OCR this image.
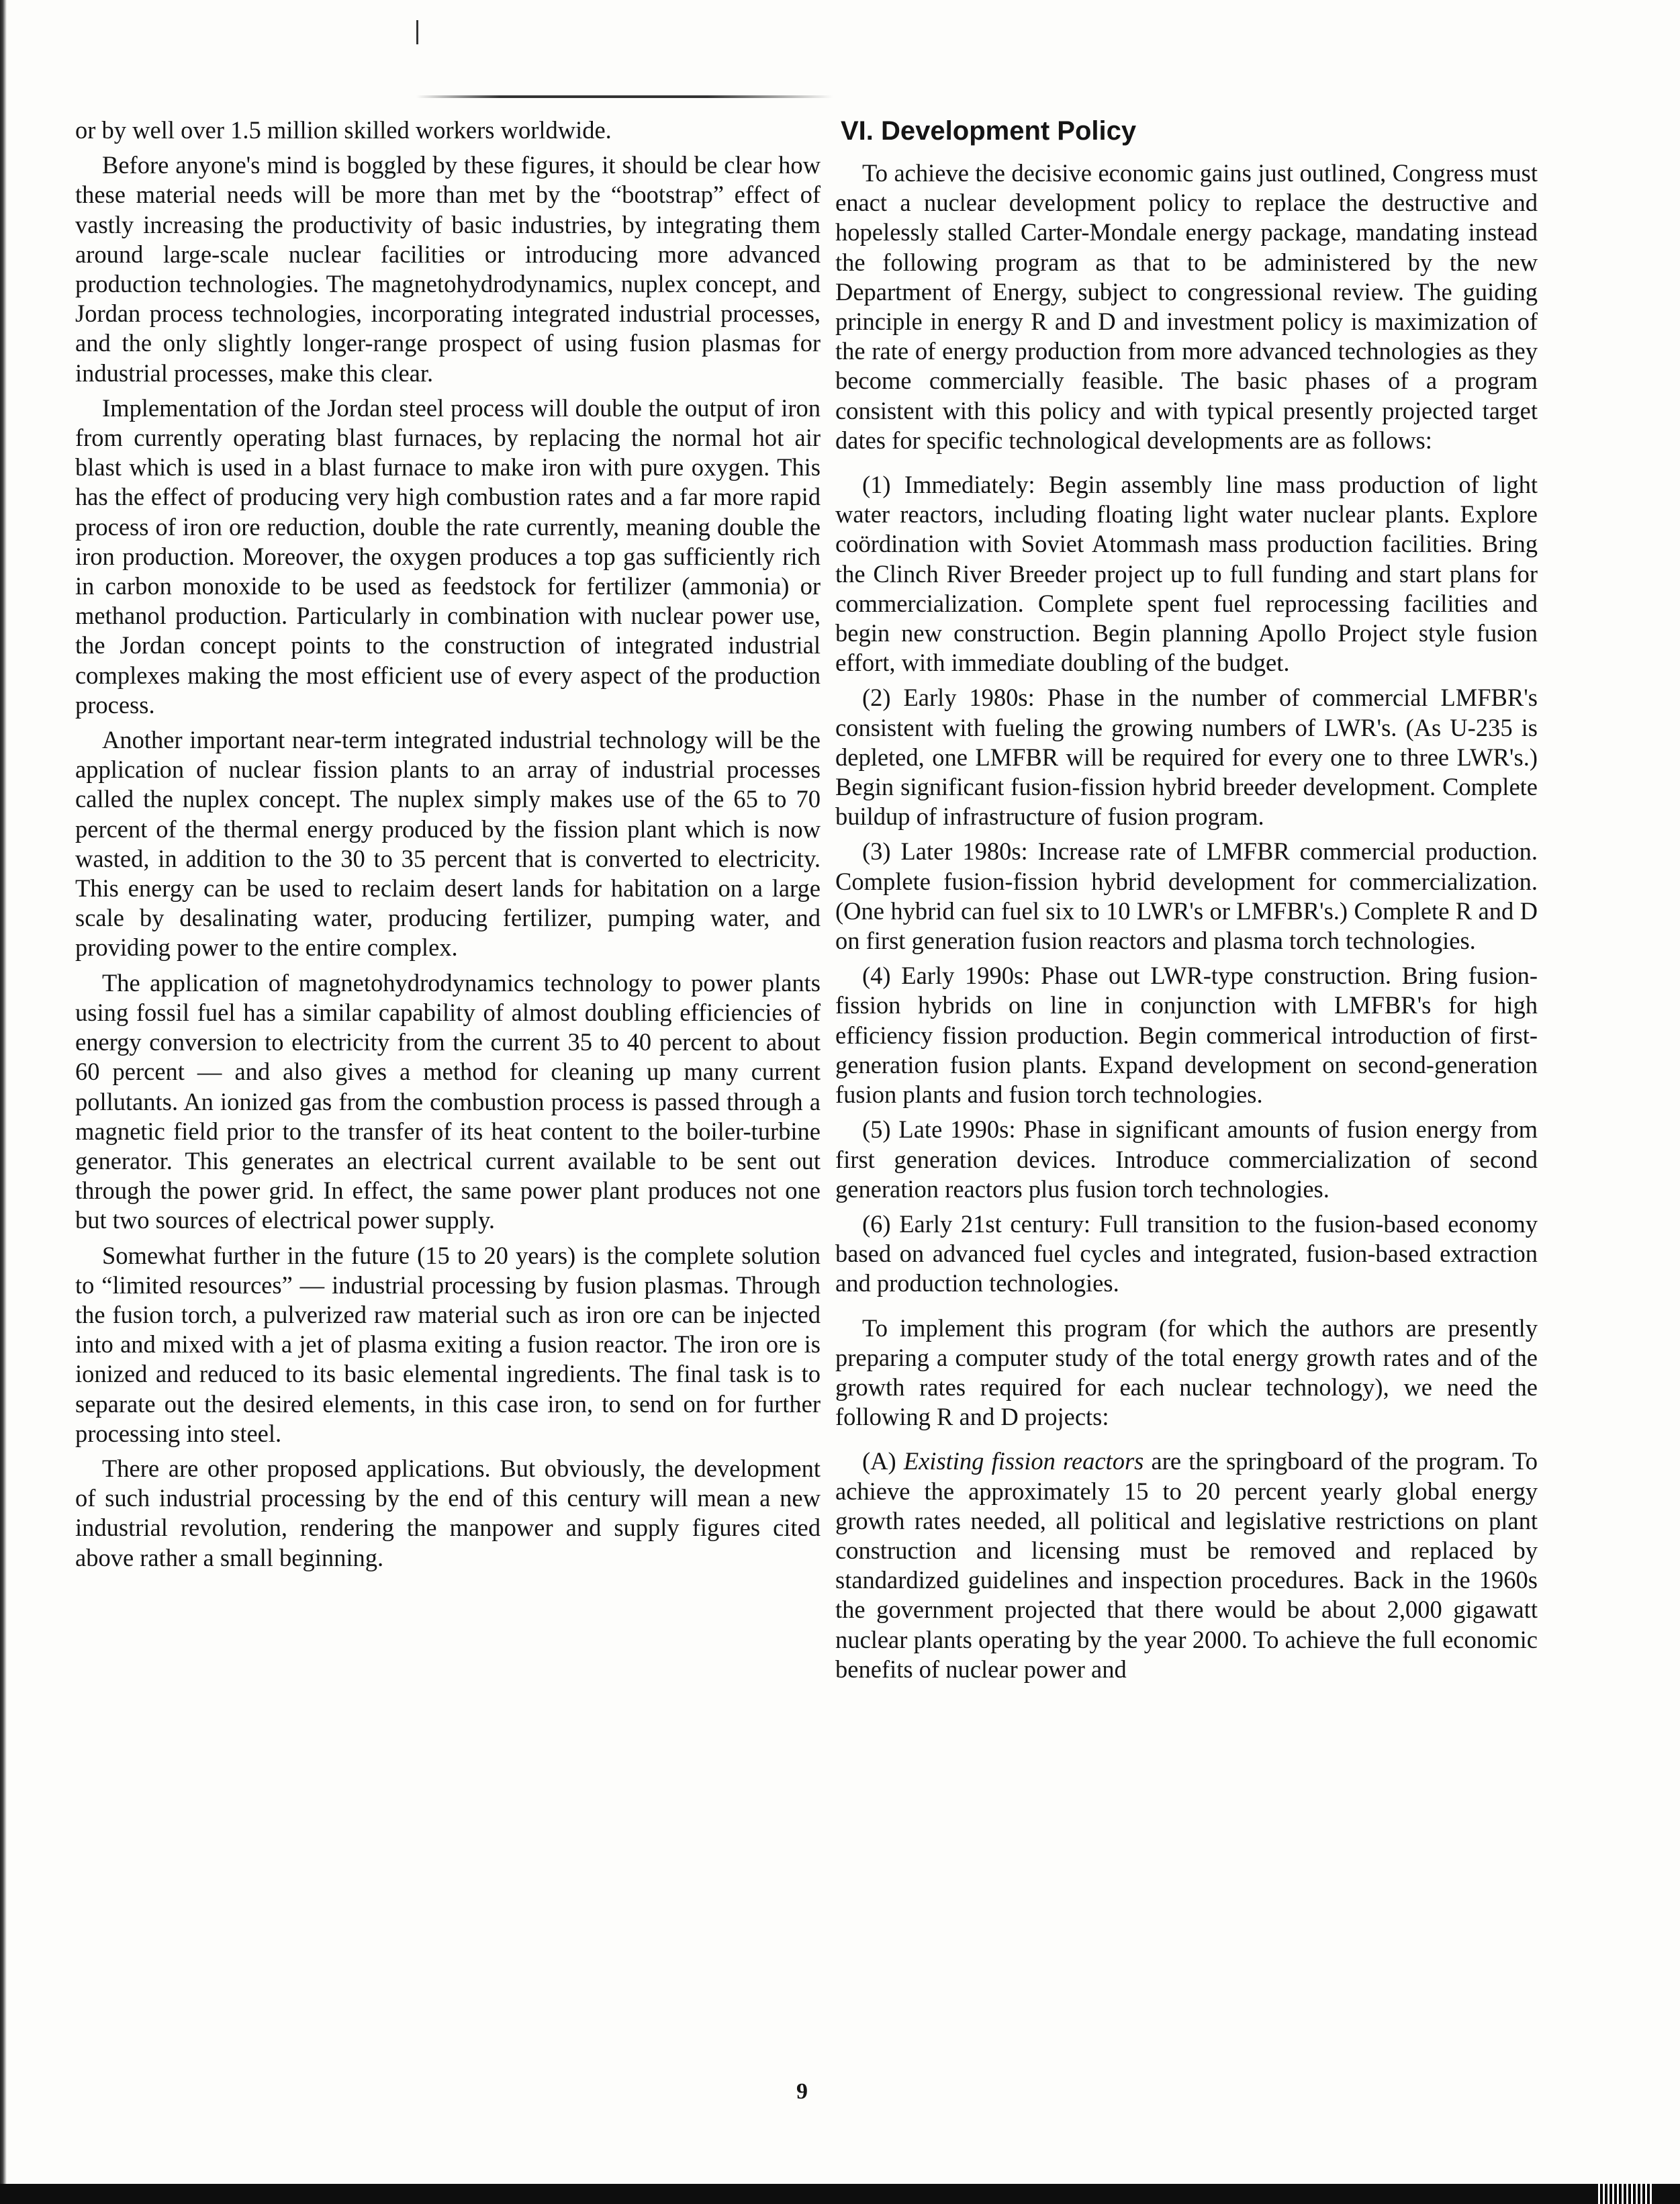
or by well over 1.5 million skilled workers worldwide.

Before anyone's mind is boggled by these figures, it should be clear how these material needs will be more than met by the “bootstrap” effect of vastly increasing the productivity of basic industries, by integrating them around large-scale nuclear facilities or introducing more advanced production technologies. The magnetohydrodynamics, nuplex concept, and Jordan process technologies, incorporating integrated industrial processes, and the only slightly longer-range prospect of using fusion plasmas for industrial processes, make this clear.

Implementation of the Jordan steel process will double the output of iron from currently operating blast furnaces, by replacing the normal hot air blast which is used in a blast furnace to make iron with pure oxygen. This has the effect of producing very high combustion rates and a far more rapid process of iron ore reduction, double the rate currently, meaning double the iron production. Moreover, the oxygen produces a top gas sufficiently rich in carbon monoxide to be used as feedstock for fertilizer (ammonia) or methanol production. Particularly in combination with nuclear power use, the Jordan concept points to the construction of integrated industrial complexes making the most efficient use of every aspect of the production process.

Another important near-term integrated industrial technology will be the application of nuclear fission plants to an array of industrial processes called the nuplex concept. The nuplex simply makes use of the 65 to 70 percent of the thermal energy produced by the fission plant which is now wasted, in addition to the 30 to 35 percent that is converted to electricity. This energy can be used to reclaim desert lands for habitation on a large scale by desalinating water, producing fertilizer, pumping water, and providing power to the entire complex.

The application of magnetohydrodynamics technology to power plants using fossil fuel has a similar capability of almost doubling efficiencies of energy conversion to electricity from the current 35 to 40 percent to about 60 percent — and also gives a method for cleaning up many current pollutants. An ionized gas from the combustion process is passed through a magnetic field prior to the transfer of its heat content to the boiler-turbine generator. This generates an electrical current available to be sent out through the power grid. In effect, the same power plant produces not one but two sources of electrical power supply.

Somewhat further in the future (15 to 20 years) is the complete solution to “limited resources” — industrial processing by fusion plasmas. Through the fusion torch, a pulverized raw material such as iron ore can be injected into and mixed with a jet of plasma exiting a fusion reactor. The iron ore is ionized and reduced to its basic elemental ingredients. The final task is to separate out the desired elements, in this case iron, to send on for further processing into steel.

There are other proposed applications. But obviously, the development of such industrial processing by the end of this century will mean a new industrial revolution, rendering the manpower and supply figures cited above rather a small beginning.

VI. Development Policy

To achieve the decisive economic gains just outlined, Congress must enact a nuclear development policy to replace the destructive and hopelessly stalled Carter-Mondale energy package, mandating instead the following program as that to be administered by the new Department of Energy, subject to congressional review. The guiding principle in energy R and D and investment policy is maximization of the rate of energy production from more advanced technologies as they become commercially feasible. The basic phases of a program consistent with this policy and with typical presently projected target dates for specific technological developments are as follows:

(1) Immediately: Begin assembly line mass production of light water reactors, including floating light water nuclear plants. Explore coördination with Soviet Atommash mass production facilities. Bring the Clinch River Breeder project up to full funding and start plans for commercialization. Complete spent fuel reprocessing facilities and begin new construction. Begin planning Apollo Project style fusion effort, with immediate doubling of the budget.

(2) Early 1980s: Phase in the number of commercial LMFBR's consistent with fueling the growing numbers of LWR's. (As U-235 is depleted, one LMFBR will be required for every one to three LWR's.) Begin significant fusion-fission hybrid breeder development. Complete buildup of infrastructure of fusion program.

(3) Later 1980s: Increase rate of LMFBR commercial production. Complete fusion-fission hybrid development for commercialization. (One hybrid can fuel six to 10 LWR's or LMFBR's.) Complete R and D on first generation fusion reactors and plasma torch technologies.

(4) Early 1990s: Phase out LWR-type construction. Bring fusion-fission hybrids on line in conjunction with LMFBR's for high efficiency fission production. Begin commerical introduction of first-generation fusion plants. Expand development on second-generation fusion plants and fusion torch technologies.

(5) Late 1990s: Phase in significant amounts of fusion energy from first generation devices. Introduce commercialization of second generation reactors plus fusion torch technologies.

(6) Early 21st century: Full transition to the fusion-based economy based on advanced fuel cycles and integrated, fusion-based extraction and production technologies.

To implement this program (for which the authors are presently preparing a computer study of the total energy growth rates and of the growth rates required for each nuclear technology), we need the following R and D projects:

(A) Existing fission reactors are the springboard of the program. To achieve the approximately 15 to 20 percent yearly global energy growth rates needed, all political and legislative restrictions on plant construction and licensing must be removed and replaced by standardized guidelines and inspection procedures. Back in the 1960s the government projected that there would be about 2,000 gigawatt nuclear plants operating by the year 2000. To achieve the full economic benefits of nuclear power and

9
